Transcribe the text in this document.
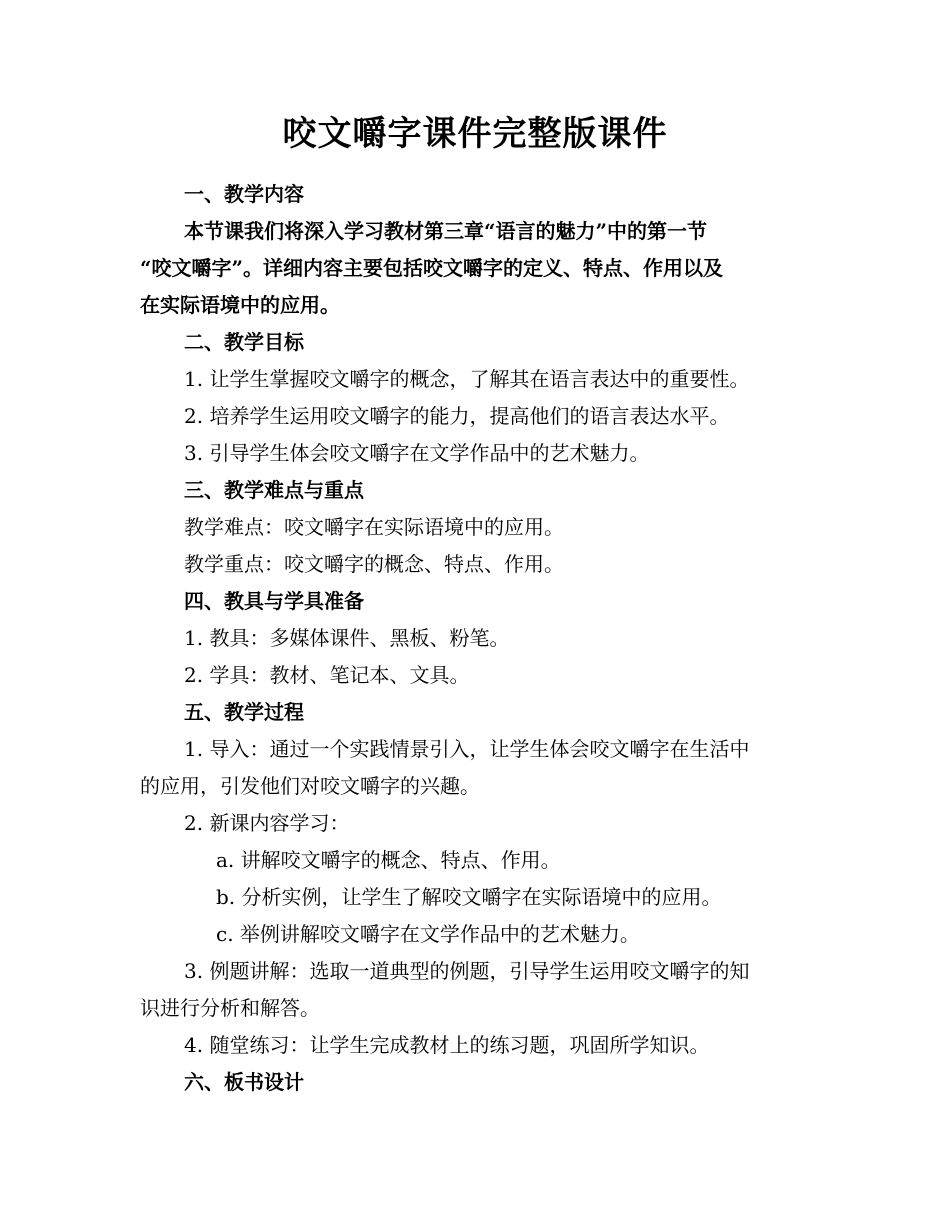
咬文嚼字课件完整版课件

一、教学内容

本节课我们将深入学习教材第三章“语言的魅力”中的第一节

“咬文嚼字”。详细内容主要包括咬文嚼字的定义、特点、作用以及

在实际语境中的应用。

二、教学目标

1. 让学生掌握咬文嚼字的概念，了解其在语言表达中的重要性。

2. 培养学生运用咬文嚼字的能力，提高他们的语言表达水平。

3. 引导学生体会咬文嚼字在文学作品中的艺术魅力。

三、教学难点与重点

教学难点：咬文嚼字在实际语境中的应用。

教学重点：咬文嚼字的概念、特点、作用。

四、教具与学具准备

1. 教具：多媒体课件、黑板、粉笔。

2. 学具：教材、笔记本、文具。

五、教学过程

1. 导入：通过一个实践情景引入，让学生体会咬文嚼字在生活中

的应用，引发他们对咬文嚼字的兴趣。

2. 新课内容学习：

a. 讲解咬文嚼字的概念、特点、作用。

b. 分析实例，让学生了解咬文嚼字在实际语境中的应用。

c. 举例讲解咬文嚼字在文学作品中的艺术魅力。

3. 例题讲解：选取一道典型的例题，引导学生运用咬文嚼字的知

识进行分析和解答。

4. 随堂练习：让学生完成教材上的练习题，巩固所学知识。

六、板书设计
